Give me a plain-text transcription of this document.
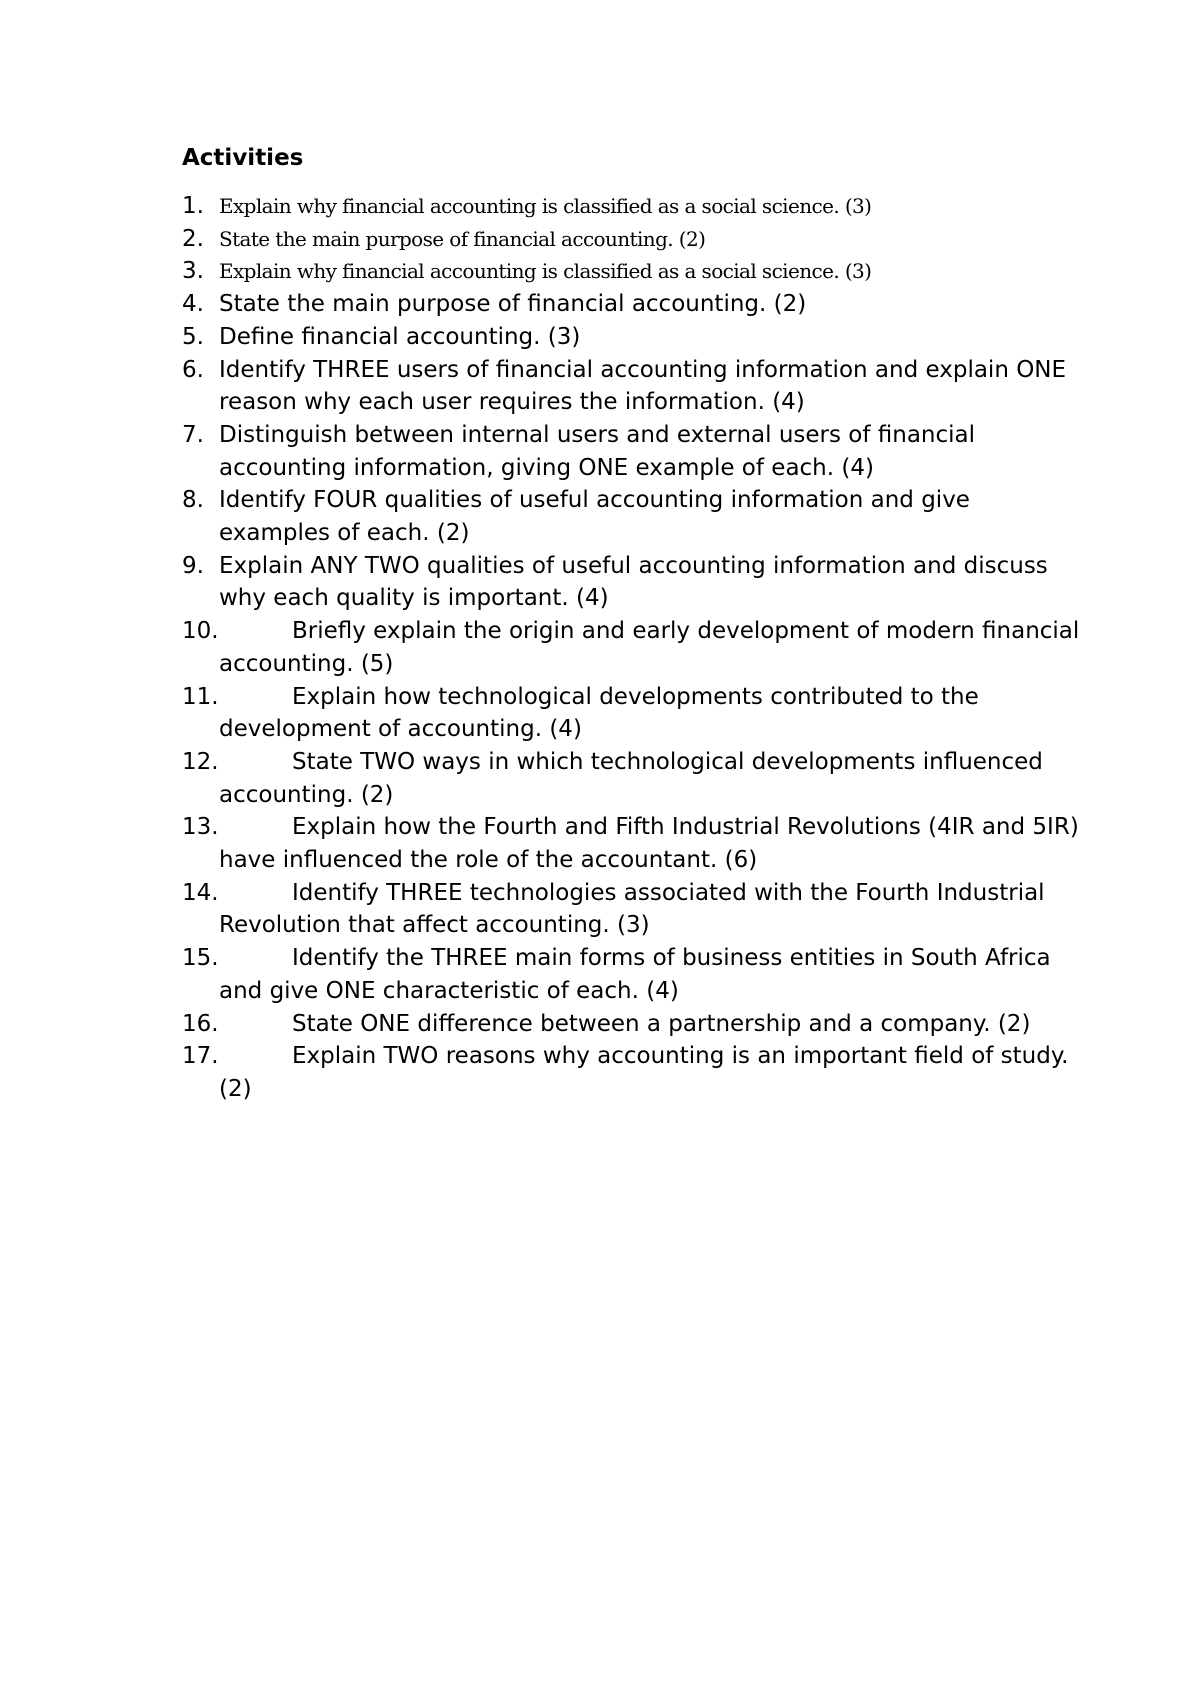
Activities
1. Explain why financial accounting is classified as a social science. (3)
2. State the main purpose of financial accounting. (2)
3. Explain why financial accounting is classified as a social science. (3)
4. State the main purpose of financial accounting. (2)
5. Define financial accounting. (3)
6. Identify THREE users of financial accounting information and explain ONE reason why each user requires the information. (4)
7. Distinguish between internal users and external users of financial accounting information, giving ONE example of each. (4)
8. Identify FOUR qualities of useful accounting information and give examples of each. (2)
9. Explain ANY TWO qualities of useful accounting information and discuss why each quality is important. (4)
10.	Briefly explain the origin and early development of modern financial accounting. (5)
11.	Explain how technological developments contributed to the development of accounting. (4)
12.	State TWO ways in which technological developments influenced accounting. (2)
13.	Explain how the Fourth and Fifth Industrial Revolutions (4IR and 5IR) have influenced the role of the accountant. (6)
14.	Identify THREE technologies associated with the Fourth Industrial Revolution that affect accounting. (3)
15.	Identify the THREE main forms of business entities in South Africa and give ONE characteristic of each. (4)
16.	State ONE difference between a partnership and a company. (2)
17.	Explain TWO reasons why accounting is an important field of study. (2)
